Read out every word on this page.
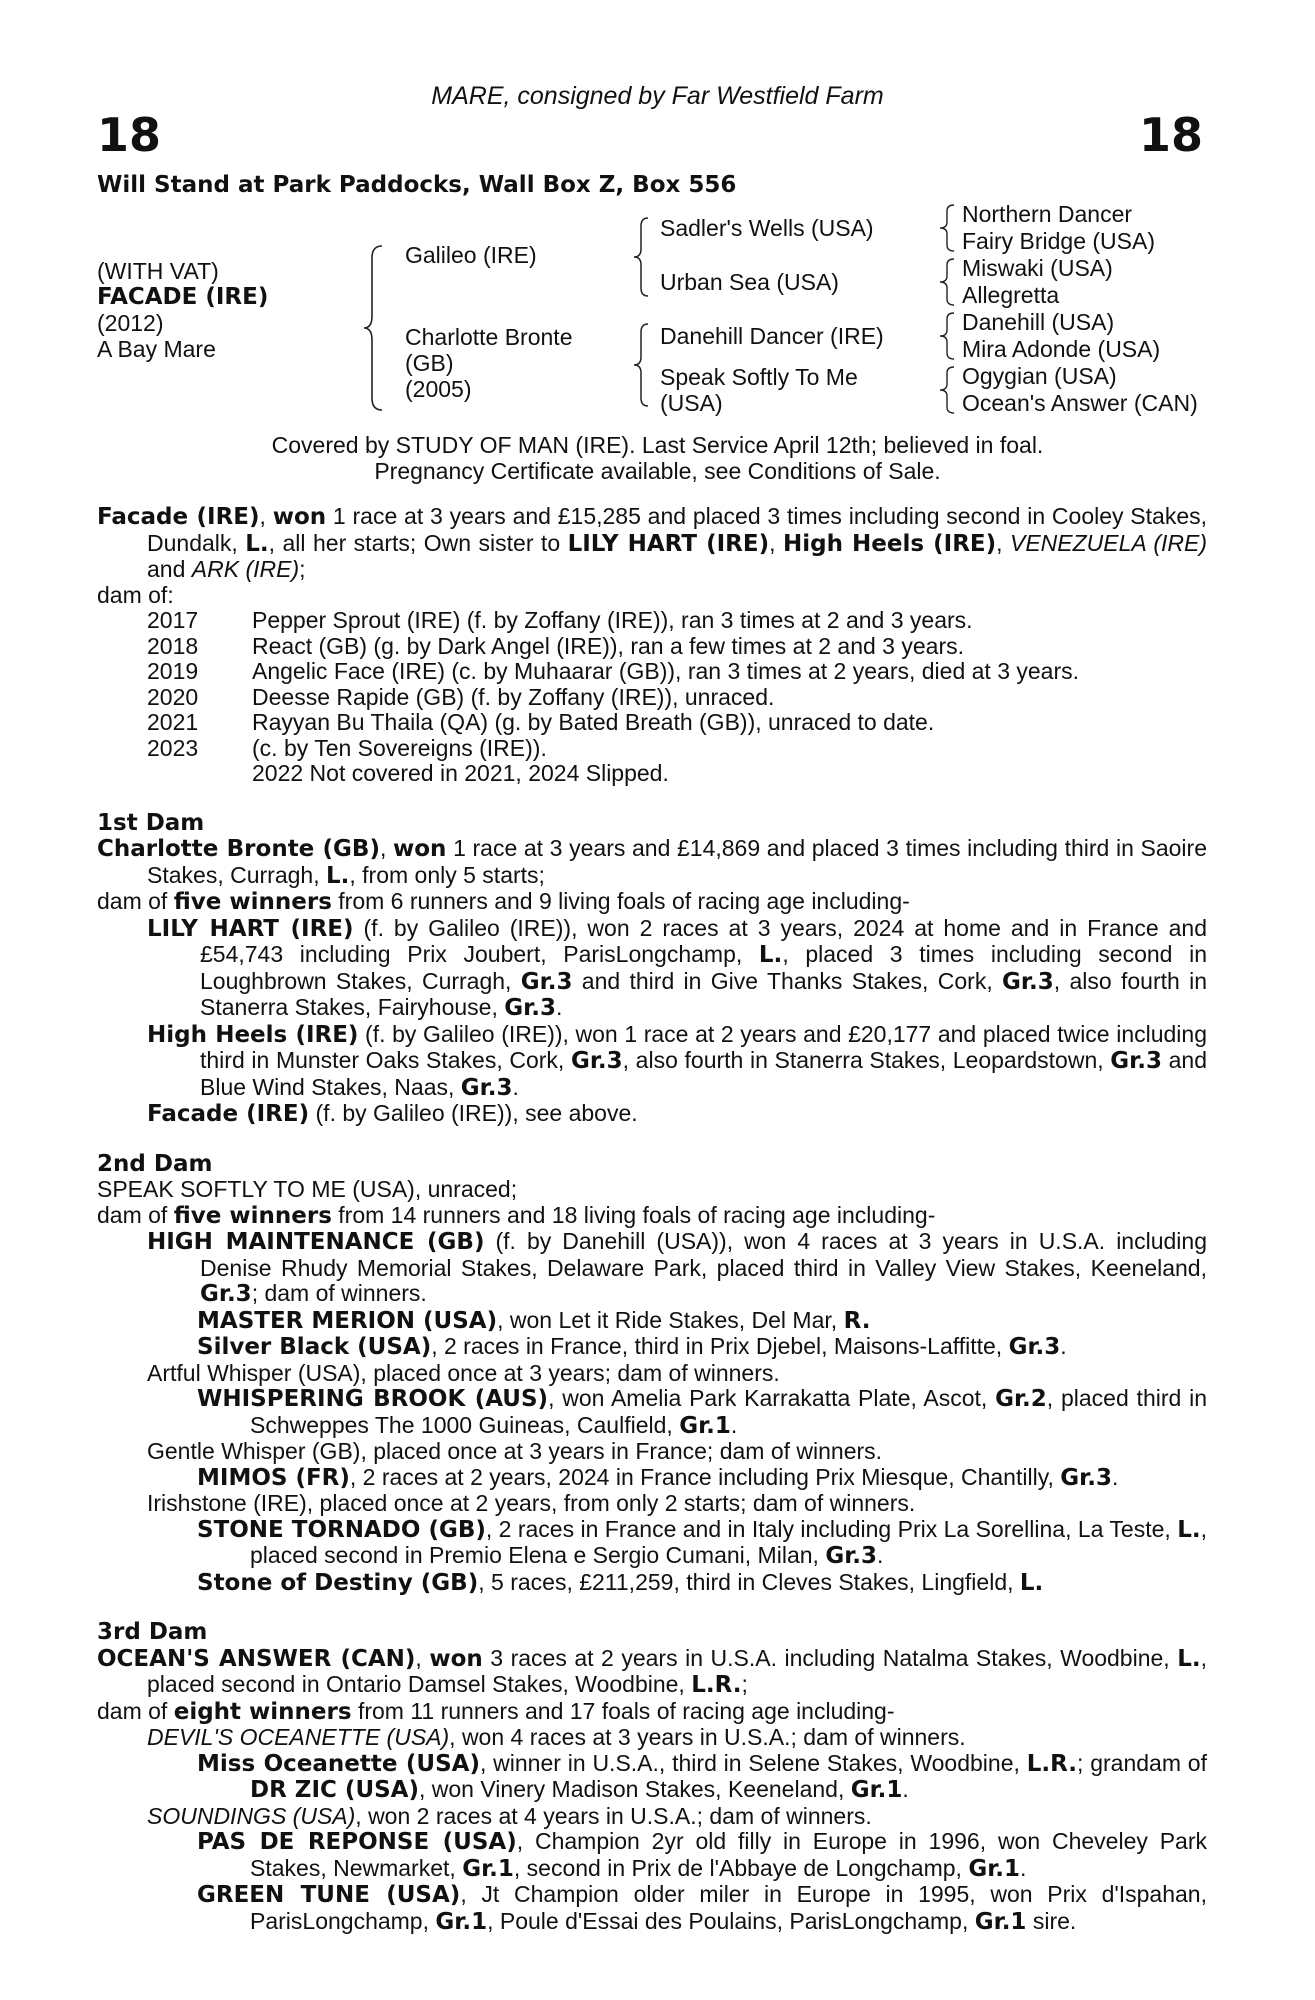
18	18
MARE, consigned by Far Westfield Farm
Will Stand at Park Paddocks, Wall Box Z, Box 556
(WITH VAT)
FACADE (IRE)
(2012)
A Bay Mare
Galileo (IRE)
Charlotte Bronte
(GB)
(2005)
Sadler's Wells (USA)
Urban Sea (USA)
Danehill Dancer (IRE)
Speak Softly To Me
(USA)
Northern Dancer
Fairy Bridge (USA)
Miswaki (USA)
Allegretta
Danehill (USA)
Mira Adonde (USA)
Ogygian (USA)
Ocean's Answer (CAN)
Covered by STUDY OF MAN (IRE). Last Service April 12th; believed in foal.
Pregnancy Certificate available, see Conditions of Sale.

Facade (IRE), won 1 race at 3 years and £15,285 and placed 3 times including second in Cooley Stakes, Dundalk, L., all her starts; Own sister to LILY HART (IRE), High Heels (IRE), VENEZUELA (IRE) and ARK (IRE);

dam of:

2017	Pepper Sprout (IRE) (f. by Zoffany (IRE)), ran 3 times at 2 and 3 years.
2018	React (GB) (g. by Dark Angel (IRE)), ran a few times at 2 and 3 years.
2019	Angelic Face (IRE) (c. by Muhaarar (GB)), ran 3 times at 2 years, died at 3 years.
2020	Deesse Rapide (GB) (f. by Zoffany (IRE)), unraced.
2021	Rayyan Bu Thaila (QA) (g. by Bated Breath (GB)), unraced to date.
2023	(c. by Ten Sovereigns (IRE)).
2022 Not covered in 2021, 2024 Slipped.

1st Dam

Charlotte Bronte (GB), won 1 race at 3 years and £14,869 and placed 3 times including third in Saoire Stakes, Curragh, L., from only 5 starts;

dam of five winners from 6 runners and 9 living foals of racing age including-

LILY HART (IRE) (f. by Galileo (IRE)), won 2 races at 3 years, 2024 at home and in France and £54,743 including Prix Joubert, ParisLongchamp, L., placed 3 times including second in Loughbrown Stakes, Curragh, Gr.3 and third in Give Thanks Stakes, Cork, Gr.3, also fourth in Stanerra Stakes, Fairyhouse, Gr.3.

High Heels (IRE) (f. by Galileo (IRE)), won 1 race at 2 years and £20,177 and placed twice including third in Munster Oaks Stakes, Cork, Gr.3, also fourth in Stanerra Stakes, Leopardstown, Gr.3 and Blue Wind Stakes, Naas, Gr.3.

Facade (IRE) (f. by Galileo (IRE)), see above.

2nd Dam

SPEAK SOFTLY TO ME (USA), unraced;

dam of five winners from 14 runners and 18 living foals of racing age including-

HIGH MAINTENANCE (GB) (f. by Danehill (USA)), won 4 races at 3 years in U.S.A. including Denise Rhudy Memorial Stakes, Delaware Park, placed third in Valley View Stakes, Keeneland, Gr.3; dam of winners.

MASTER MERION (USA), won Let it Ride Stakes, Del Mar, R.

Silver Black (USA), 2 races in France, third in Prix Djebel, Maisons-Laffitte, Gr.3.

Artful Whisper (USA), placed once at 3 years; dam of winners.

WHISPERING BROOK (AUS), won Amelia Park Karrakatta Plate, Ascot, Gr.2, placed third in Schweppes The 1000 Guineas, Caulfield, Gr.1.

Gentle Whisper (GB), placed once at 3 years in France; dam of winners.

MIMOS (FR), 2 races at 2 years, 2024 in France including Prix Miesque, Chantilly, Gr.3.

Irishstone (IRE), placed once at 2 years, from only 2 starts; dam of winners.

STONE TORNADO (GB), 2 races in France and in Italy including Prix La Sorellina, La Teste, L., placed second in Premio Elena e Sergio Cumani, Milan, Gr.3.

Stone of Destiny (GB), 5 races, £211,259, third in Cleves Stakes, Lingfield, L.

3rd Dam

OCEAN'S ANSWER (CAN), won 3 races at 2 years in U.S.A. including Natalma Stakes, Woodbine, L., placed second in Ontario Damsel Stakes, Woodbine, L.R.;

dam of eight winners from 11 runners and 17 foals of racing age including-

DEVIL'S OCEANETTE (USA), won 4 races at 3 years in U.S.A.; dam of winners.

Miss Oceanette (USA), winner in U.S.A., third in Selene Stakes, Woodbine, L.R.; grandam of DR ZIC (USA), won Vinery Madison Stakes, Keeneland, Gr.1.

SOUNDINGS (USA), won 2 races at 4 years in U.S.A.; dam of winners.

PAS DE REPONSE (USA), Champion 2yr old filly in Europe in 1996, won Cheveley Park Stakes, Newmarket, Gr.1, second in Prix de l'Abbaye de Longchamp, Gr.1.

GREEN TUNE (USA), Jt Champion older miler in Europe in 1995, won Prix d'Ispahan, ParisLongchamp, Gr.1, Poule d'Essai des Poulains, ParisLongchamp, Gr.1 sire.
